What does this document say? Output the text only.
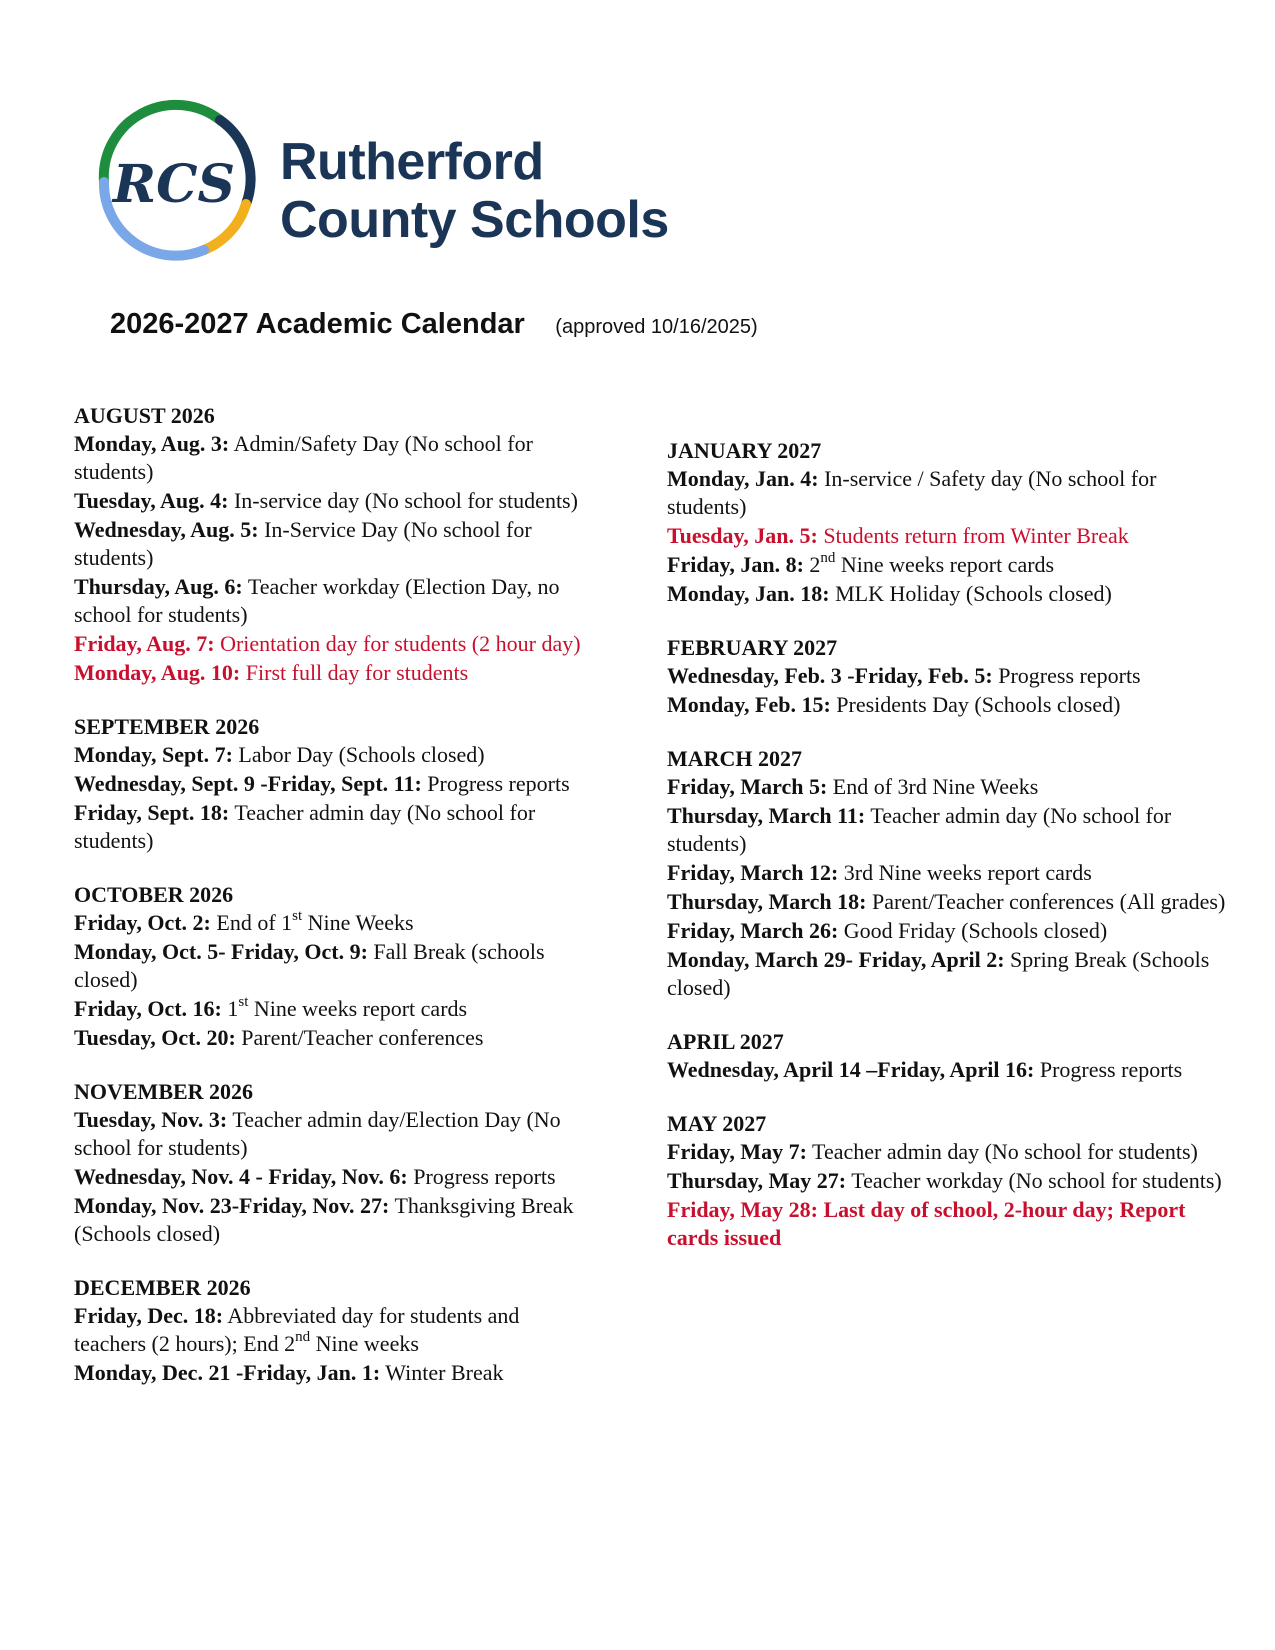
RCS Rutherford
County Schools
2026-2027 Academic Calendar (approved 10/16/2025)
AUGUST 2026
Monday, Aug. 3: Admin/Safety Day (No school for students)
Tuesday, Aug. 4: In-service day (No school for students)
Wednesday, Aug. 5: In-Service Day (No school for students)
Thursday, Aug. 6: Teacher workday (Election Day, no school for students)
Friday, Aug. 7: Orientation day for students (2 hour day)
Monday, Aug. 10: First full day for students
SEPTEMBER 2026
Monday, Sept. 7: Labor Day (Schools closed)
Wednesday, Sept. 9 -Friday, Sept. 11: Progress reports
Friday, Sept. 18: Teacher admin day (No school for students)
OCTOBER 2026
Friday, Oct. 2: End of 1st Nine Weeks
Monday, Oct. 5- Friday, Oct. 9: Fall Break (schools closed)
Friday, Oct. 16: 1st Nine weeks report cards
Tuesday, Oct. 20: Parent/Teacher conferences
NOVEMBER 2026
Tuesday, Nov. 3: Teacher admin day/Election Day (No school for students)
Wednesday, Nov. 4 - Friday, Nov. 6: Progress reports
Monday, Nov. 23-Friday, Nov. 27: Thanksgiving Break (Schools closed)
DECEMBER 2026
Friday, Dec. 18: Abbreviated day for students and teachers (2 hours); End 2nd Nine weeks
Monday, Dec. 21 -Friday, Jan. 1: Winter Break
JANUARY 2027
Monday, Jan. 4: In-service / Safety day (No school for students)
Tuesday, Jan. 5: Students return from Winter Break
Friday, Jan. 8: 2nd Nine weeks report cards
Monday, Jan. 18: MLK Holiday (Schools closed)
FEBRUARY 2027
Wednesday, Feb. 3 -Friday, Feb. 5: Progress reports
Monday, Feb. 15: Presidents Day (Schools closed)
MARCH 2027
Friday, March 5: End of 3rd Nine Weeks
Thursday, March 11: Teacher admin day (No school for students)
Friday, March 12: 3rd Nine weeks report cards
Thursday, March 18: Parent/Teacher conferences (All grades)
Friday, March 26: Good Friday (Schools closed)
Monday, March 29- Friday, April 2: Spring Break (Schools closed)
APRIL 2027
Wednesday, April 14 –Friday, April 16: Progress reports
MAY 2027
Friday, May 7: Teacher admin day (No school for students)
Thursday, May 27: Teacher workday (No school for students)
Friday, May 28: Last day of school, 2-hour day; Report cards issued
